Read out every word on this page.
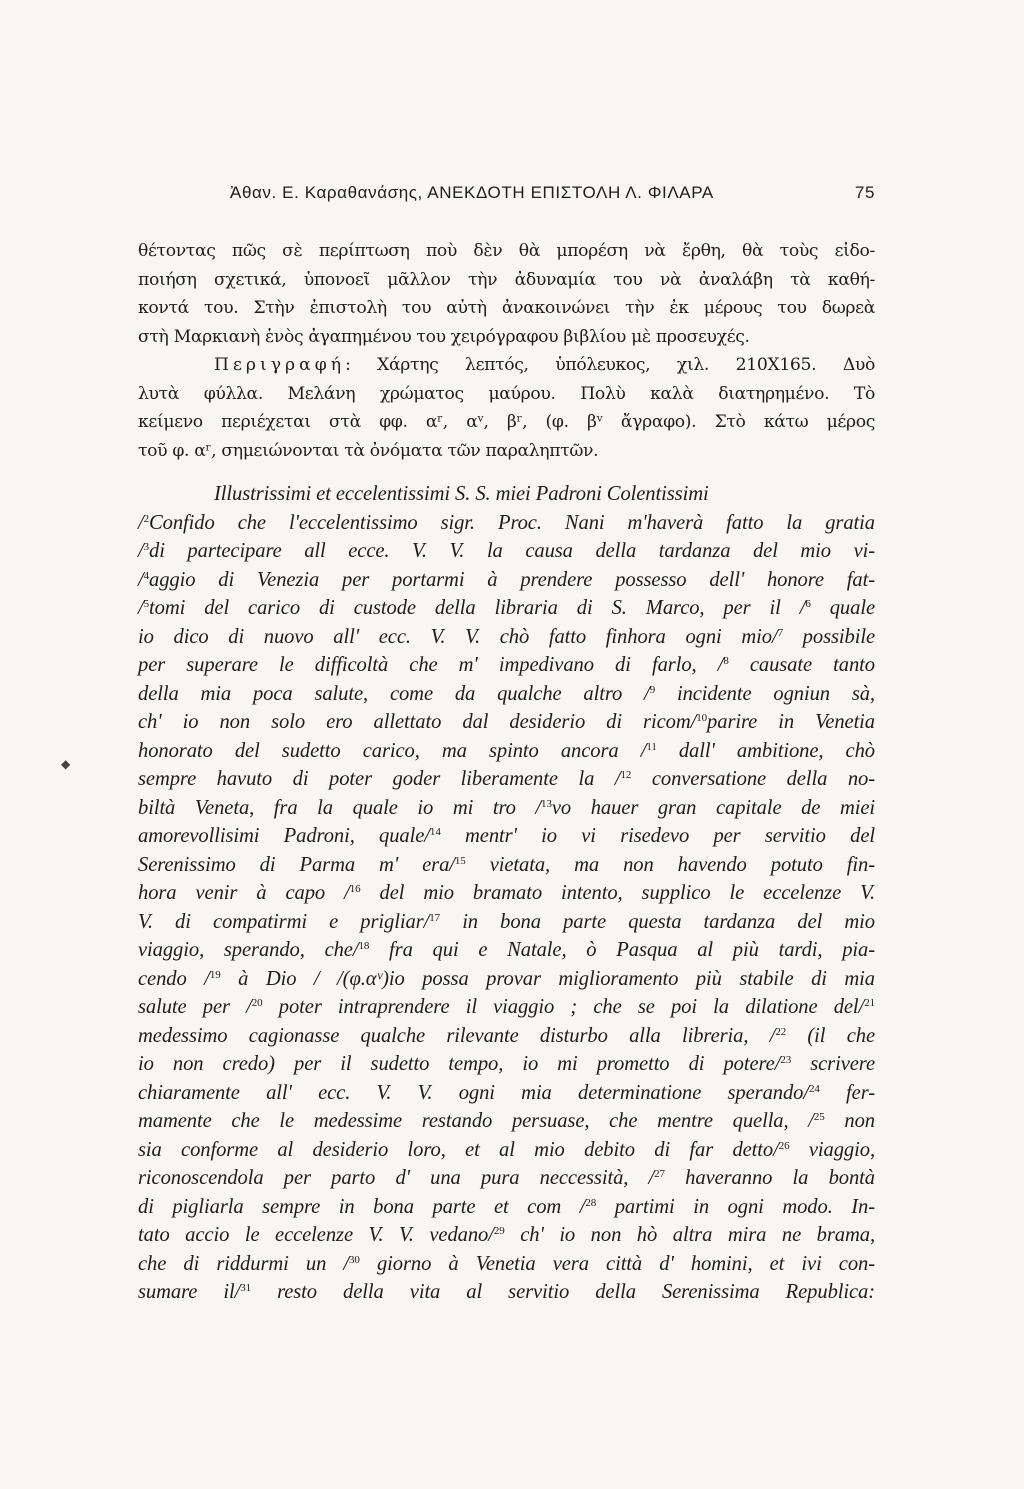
Ἀθαν. Ε. Καραθανάσης, ΑΝΕΚΔΟΤΗ ΕΠΙΣΤΟΛΗ Λ. ΦΙΛΑΡΑ	75
θέτοντας πῶς σὲ περίπτωση ποὺ δὲν θὰ μπορέση νὰ ἔρθη, θὰ τοὺς εἰδο-
ποιήση σχετικά, ὑπονοεῖ μᾶλλον τὴν ἀδυναμία του νὰ ἀναλάβη τὰ καθή-
κοντά του. Στὴν ἐπιστολὴ του αὐτὴ ἀνακοινώνει τὴν ἐκ μέρους του δωρεὰ
στὴ Μαρκιανὴ ἑνὸς ἀγαπημένου του χειρόγραφου βιβλίου μὲ προσευχές.
Περιγραφή: Χάρτης λεπτός, ὑπόλευκος, χιλ. 210Χ165. Δυὸ
λυτὰ φύλλα. Μελάνη χρώματος μαύρου. Πολὺ καλὰ διατηρημένο. Τὸ
κείμενο περιέχεται στὰ φφ. αʳ, αᵛ, βʳ, (φ. βᵛ ἄγραφο). Στὸ κάτω μέρος
τοῦ φ. αʳ, σημειώνονται τὰ ὀνόματα τῶν παραληπτῶν.
Illustrissimi et eccelentissimi S. S. miei Padroni Colentissimi
/$^2$Confido che l'eccelentissimo sigr. Proc. Nani m'haverà fatto la gratia
/$^3$di partecipare all ecce. V. V. la causa della tardanza del mio vi-
/$^4$aggio di Venezia per portarmi à prendere possesso dell' honore fat-
/$^5$tomi del carico di custode della libraria di S. Marco, per il /$^6$ quale
io dico di nuovo all' ecc. V. V. chò fatto finhora ogni mio/$^7$ possibile
per superare le difficoltà che m' impedivano di farlo, /$^8$ causate tanto
della mia poca salute, come da qualche altro /$^9$ incidente ogniun sà,
ch' io non solo ero allettato dal desiderio di ricom/$^{10}$parire in Venetia
honorato del sudetto carico, ma spinto ancora /$^{11}$ dall' ambitione, chò
sempre havuto di poter goder liberamente la /$^{12}$ conversatione della no-
biltà Veneta, fra la quale io mi tro /$^{13}$vo hauer gran capitale de miei
amorevollisimi Padroni, quale/$^{14}$ mentr' io vi risedevo per servitio del
Serenissimo di Parma m' era/$^{15}$ vietata, ma non havendo potuto fin-
hora venir à capo /$^{16}$ del mio bramato intento, supplico le eccelenze V.
V. di compatirmi e prigliar/$^{17}$ in bona parte questa tardanza del mio
viaggio, sperando, che/$^{18}$ fra qui e Natale, ò Pasqua al più tardi, pia-
cendo /$^{19}$ à Dio / /(φ.αᵛ)io possa provar miglioramento più stabile di mia
salute per /$^{20}$ poter intraprendere il viaggio ; che se poi la dilatione del/$^{21}$
medessimo cagionasse qualche rilevante disturbo alla libreria, /$^{22}$ (il che
io non credo) per il sudetto tempo, io mi prometto di potere/$^{23}$ scrivere
chiaramente all' ecc. V. V. ogni mia determinatione sperando/$^{24}$ fer-
mamente che le medessime restando persuase, che mentre quella, /$^{25}$ non
sia conforme al desiderio loro, et al mio debito di far detto/$^{26}$ viaggio,
riconoscendola per parto d' una pura neccessità, /$^{27}$ haveranno la bontà
di pigliarla sempre in bona parte et com /$^{28}$ partimi in ogni modo. In-
tato accio le eccelenze V. V. vedano/$^{29}$ ch' io non hò altra mira ne brama,
che di riddurmi un /$^{30}$ giorno à Venetia vera città d' homini, et ivi con-
sumare il/$^{31}$ resto della vita al servitio della Serenissima Republica:
◆
